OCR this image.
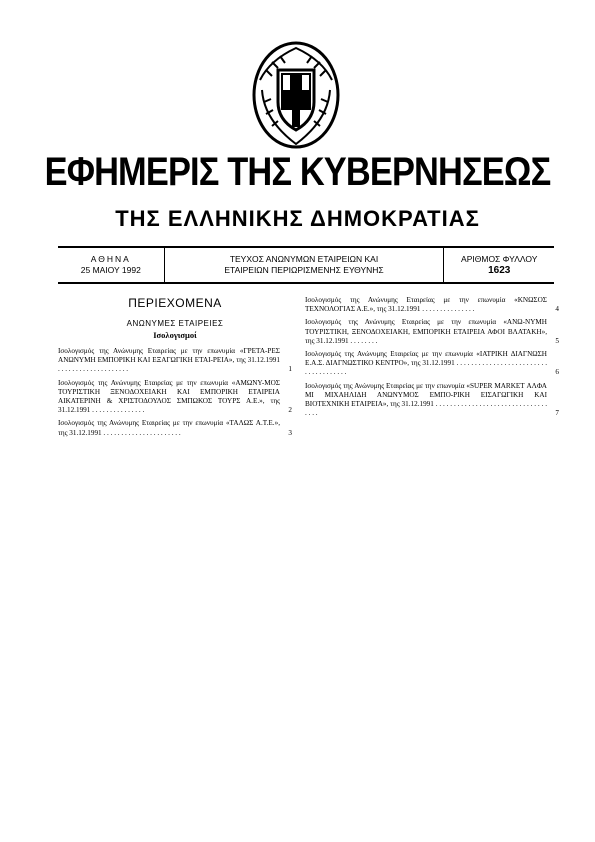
ΕΦΗΜΕΡΙΣ ΤΗΣ ΚΥΒΕΡΝΗΣΕΩΣ
ΤΗΣ ΕΛΛΗΝΙΚΗΣ ΔΗΜΟΚΡΑΤΙΑΣ
ΑΘΗΝΑ
25 ΜΑΙΟΥ 1992
ΤΕΥΧΟΣ ΑΝΩΝΥΜΩΝ ΕΤΑΙΡΕΙΩΝ ΚΑΙ
ΕΤΑΙΡΕΙΩΝ ΠΕΡΙΩΡΙΣΜΕΝΗΣ ΕΥΘΥΝΗΣ
ΑΡΙΘΜΟΣ ΦΥΛΛΟΥ
1623
ΠΕΡΙΕΧΟΜΕΝΑ
ΑΝΩΝΥΜΕΣ ΕΤΑΙΡΕΙΕΣ
Ισολογισμοί
Ισολογισμός της Ανώνυμης Εταιρείας με την επωνυμία «ΓΡΕΤΑ-ΡΕΣ ΑΝΩΝΥΜΗ ΕΜΠΟΡΙΚΗ ΚΑΙ ΕΞΑΓΩΓΙΚΗ ΕΤΑΙ-ΡΕΙΑ», της 31.12.1991 . . . . . . . . . . . . . . . . . . . .	1
Ισολογισμός της Ανώνυμης Εταιρείας με την επωνυμία «ΑΜΩΝΥ-ΜΟΣ ΤΟΥΡΙΣΤΙΚΗ ΞΕΝΟΔΟΧΕΙΑΚΗ ΚΑΙ ΕΜΠΟΡΙΚΗ ΕΤΑΙΡΕΙΑ ΑΙΚΑΤΕΡΙΝΗ & ΧΡΙΣΤΟΔΟΥΛΟΣ ΣΜΠΩΚΟΣ ΤΟΥΡΣ Α.Ε.», της 31.12.1991 . . . . . . . . . . . . . . .	2
Ισολογισμός της Ανώνυμης Εταιρείας με την επωνυμία «ΤΑΛΩΣ Α.Τ.Ε.», της 31.12.1991 . . . . . . . . . . . . . . . . . . . . . .	3
Ισολογισμός της Ανώνυμης Εταιρείας με την επωνυμία «ΚΝΩΣΟΣ ΤΕΧΝΟΛΟΓΙΑΣ Α.Ε.», της 31.12.1991 . . . . . . . . . . . . . . .	4
Ισολογισμός της Ανώνυμης Εταιρείας με την επωνυμία «ΑΝΩ-ΝΥΜΗ ΤΟΥΡΙΣΤΙΚΗ, ΞΕΝΟΔΟΧΕΙΑΚΗ, ΕΜΠΟΡΙΚΗ ΕΤΑΙΡΕΙΑ ΑΦΟΙ ΒΛΑΤΑΚΗ», της 31.12.1991 . . . . . . . .	5
Ισολογισμός της Ανώνυμης Εταιρείας με την επωνυμία «ΙΑΤΡΙΚΗ ΔΙΑΓΝΩΣΗ Ε.Α.Σ. ΔΙΑΓΝΩΣΤΙΚΟ ΚΕΝΤΡΟ», της 31.12.1991 . . . . . . . . . . . . . . . . . . . . . . . . . . . . . . . . . . . . .	6
Ισολογισμός της Ανώνυμης Εταιρείας με την επωνυμία «SUPER MARKET ΑΛΦΑ ΜΙ ΜΙΧΑΗΛΙΔΗ ΑΝΩΝΥΜΟΣ ΕΜΠΟ-ΡΙΚΗ ΕΙΣΑΓΩΓΙΚΗ ΚΑΙ ΒΙΟΤΕΧΝΙΚΗ ΕΤΑΙΡΕΙΑ», της 31.12.1991 . . . . . . . . . . . . . . . . . . . . . . . . . . . . . . . . . . .	7
